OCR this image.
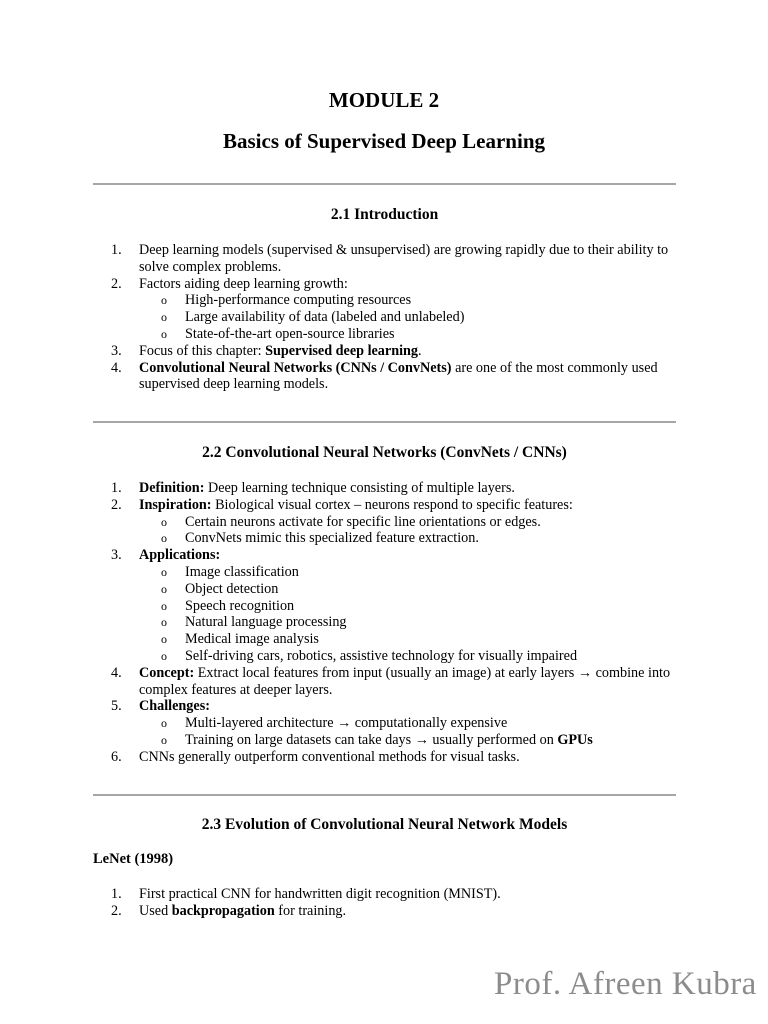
MODULE 2
Basics of Supervised Deep Learning
2.1 Introduction
1.	Deep learning models (supervised & unsupervised) are growing rapidly due to their ability to solve complex problems.
2.	Factors aiding deep learning growth:
o High-performance computing resources
o Large availability of data (labeled and unlabeled)
o State-of-the-art open-source libraries
3.	Focus of this chapter: Supervised deep learning.
4.	Convolutional Neural Networks (CNNs / ConvNets) are one of the most commonly used supervised deep learning models.
2.2 Convolutional Neural Networks (ConvNets / CNNs)
1.	Definition: Deep learning technique consisting of multiple layers.
2.	Inspiration: Biological visual cortex – neurons respond to specific features:
o Certain neurons activate for specific line orientations or edges.
o ConvNets mimic this specialized feature extraction.
3.	Applications:
o Image classification
o Object detection
o Speech recognition
o Natural language processing
o Medical image analysis
o Self-driving cars, robotics, assistive technology for visually impaired
4.	Concept: Extract local features from input (usually an image) at early layers → combine into complex features at deeper layers.
5.	Challenges:
o Multi-layered architecture → computationally expensive
o Training on large datasets can take days → usually performed on GPUs
6.	CNNs generally outperform conventional methods for visual tasks.
2.3 Evolution of Convolutional Neural Network Models
LeNet (1998)
1.	First practical CNN for handwritten digit recognition (MNIST).
2.	Used backpropagation for training.
Prof. Afreen Kubra
